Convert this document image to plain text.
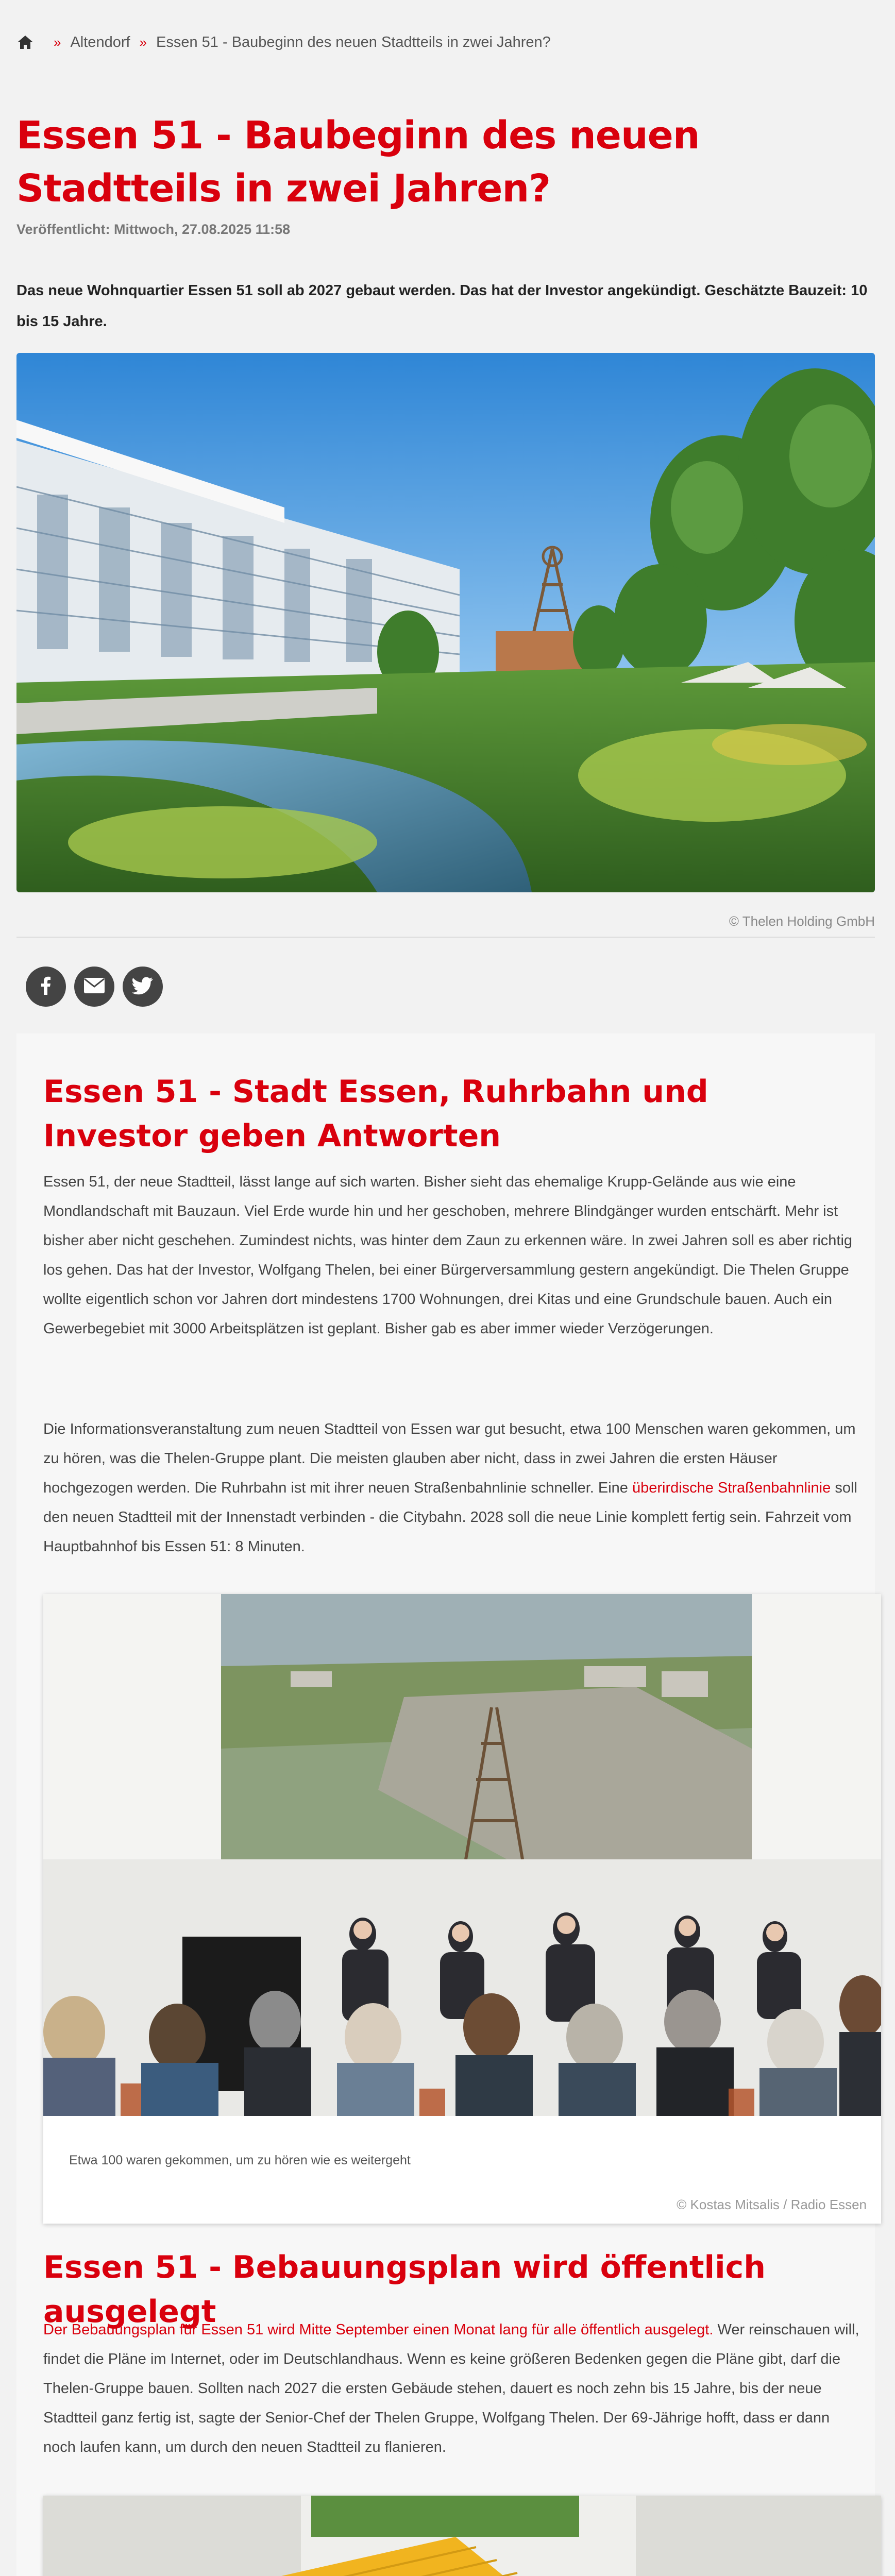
» Altendorf » Essen 51 - Baubeginn des neuen Stadtteils in zwei Jahren?
Essen 51 - Baubeginn des neuen Stadtteils in zwei Jahren?
Veröffentlicht: Mittwoch, 27.08.2025 11:58

Das neue Wohnquartier Essen 51 soll ab 2027 gebaut werden. Das hat der Investor angekündigt. Geschätzte Bauzeit: 10 bis 15 Jahre.

© Thelen Holding GmbH
Essen 51 - Stadt Essen, Ruhrbahn und Investor geben Antworten

Essen 51, der neue Stadtteil, lässt lange auf sich warten. Bisher sieht das ehemalige Krupp-Gelände aus wie eine Mondlandschaft mit Bauzaun. Viel Erde wurde hin und her geschoben, mehrere Blindgänger wurden entschärft. Mehr ist bisher aber nicht geschehen. Zumindest nichts, was hinter dem Zaun zu erkennen wäre. In zwei Jahren soll es aber richtig los gehen. Das hat der Investor, Wolfgang Thelen, bei einer Bürgerversammlung gestern angekündigt. Die Thelen Gruppe wollte eigentlich schon vor Jahren dort mindestens 1700 Wohnungen, drei Kitas und eine Grundschule bauen. Auch ein Gewerbegebiet mit 3000 Arbeitsplätzen ist geplant. Bisher gab es aber immer wieder Verzögerungen.

Die Informationsveranstaltung zum neuen Stadtteil von Essen war gut besucht, etwa 100 Menschen waren gekommen, um zu hören, was die Thelen-Gruppe plant. Die meisten glauben aber nicht, dass in zwei Jahren die ersten Häuser hochgezogen werden. Die Ruhrbahn ist mit ihrer neuen Straßenbahnlinie schneller. Eine überirdische Straßenbahnlinie soll den neuen Stadtteil mit der Innenstadt verbinden - die Citybahn. 2028 soll die neue Linie komplett fertig sein. Fahrzeit vom Hauptbahnhof bis Essen 51: 8 Minuten.

Etwa 100 waren gekommen, um zu hören wie es weitergeht
© Kostas Mitsalis / Radio Essen
Essen 51 - Bebauungsplan wird öffentlich ausgelegt

Der Bebauungsplan für Essen 51 wird Mitte September einen Monat lang für alle öffentlich ausgelegt. Wer reinschauen will, findet die Pläne im Internet, oder im Deutschlandhaus. Wenn es keine größeren Bedenken gegen die Pläne gibt, darf die Thelen-Gruppe bauen. Sollten nach 2027 die ersten Gebäude stehen, dauert es noch zehn bis 15 Jahre, bis der neue Stadtteil ganz fertig ist, sagte der Senior-Chef der Thelen Gruppe, Wolfgang Thelen. Der 69-Jährige hofft, dass er dann noch laufen kann, um durch den neuen Stadtteil zu flanieren.
